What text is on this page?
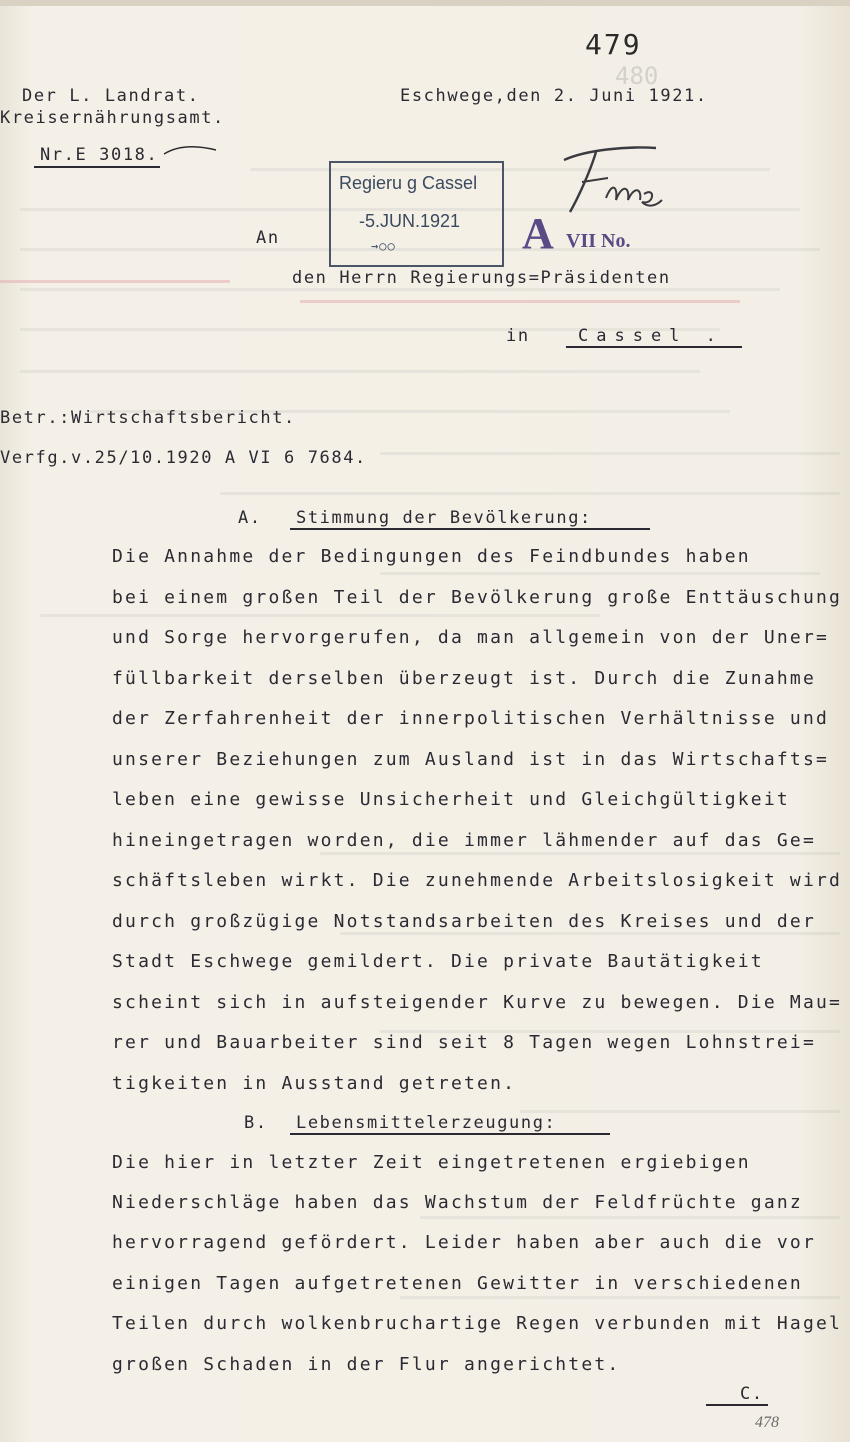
479
480
Der L. Landrat.
Kreisernährungsamt.
Nr.E 3018.
Eschwege,den 2. Juni 1921.
Regieru g Cassel
-5.JUN.1921
→○○	A VII No.
An
den Herrn Regierungs=Präsidenten
in	Cassel .
Betr.:Wirtschaftsbericht.
Verfg.v.25/10.1920 A VI 6 7684.
A. Stimmung der Bevölkerung:
Die Annahme der Bedingungen des Feindbundes haben
bei einem großen Teil der Bevölkerung große Enttäuschung
und Sorge hervorgerufen, da man allgemein von der Uner=
füllbarkeit derselben überzeugt ist. Durch die Zunahme
der Zerfahrenheit der innerpolitischen Verhältnisse und
unserer Beziehungen zum Ausland ist in das Wirtschafts=
leben eine gewisse Unsicherheit und Gleichgültigkeit
hineingetragen worden, die immer lähmender auf das Ge=
schäftsleben wirkt. Die zunehmende Arbeitslosigkeit wird
durch großzügige Notstandsarbeiten des Kreises und der
Stadt Eschwege gemildert. Die private Bautätigkeit
scheint sich in aufsteigender Kurve zu bewegen. Die Mau=
rer und Bauarbeiter sind seit 8 Tagen wegen Lohnstrei=
tigkeiten in Ausstand getreten.
B. Lebensmittelerzeugung:
Die hier in letzter Zeit eingetretenen ergiebigen
Niederschläge haben das Wachstum der Feldfrüchte ganz
hervorragend gefördert. Leider haben aber auch die vor
einigen Tagen aufgetretenen Gewitter in verschiedenen
Teilen durch wolkenbruchartige Regen verbunden mit Hagel
großen Schaden in der Flur angerichtet.
C.
478
